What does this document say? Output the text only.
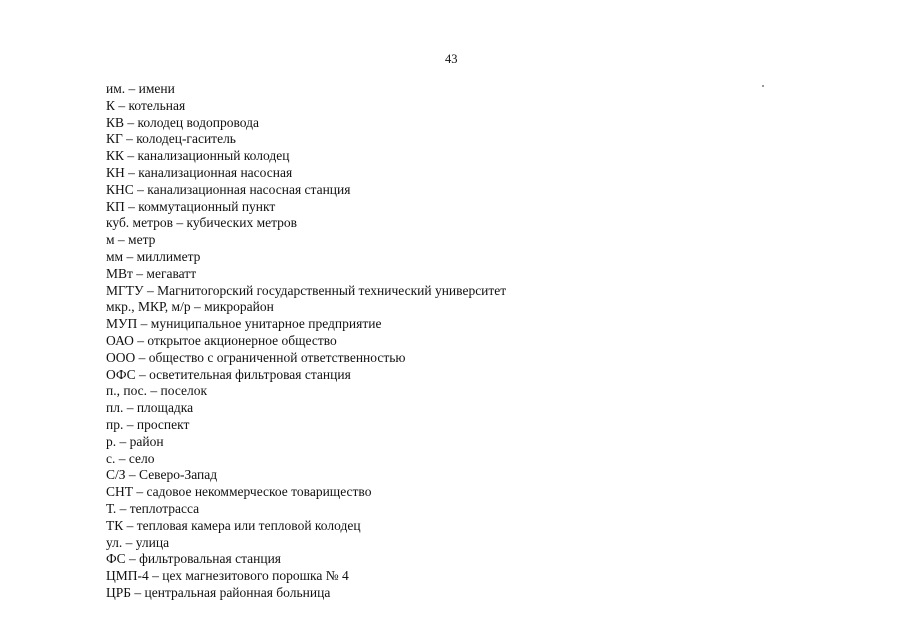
43
им. – имени
К – котельная
КВ – колодец водопровода
КГ – колодец-гаситель
КК – канализационный колодец
КН – канализационная насосная
КНС – канализационная насосная станция
КП – коммутационный пункт
куб. метров – кубических метров
м – метр
мм – миллиметр
МВт – мегаватт
МГТУ – Магнитогорский государственный технический университет
мкр., МКР, м/р – микрорайон
МУП – муниципальное унитарное предприятие
ОАО – открытое акционерное общество
ООО – общество с ограниченной ответственностью
ОФС – осветительная фильтровая станция
п., пос. – поселок
пл. – площадка
пр. – проспект
р. – район
с. – село
С/З – Северо-Запад
СНТ – садовое некоммерческое товарищество
Т. – теплотрасса
ТК – тепловая камера или тепловой колодец
ул. – улица
ФС – фильтровальная станция
ЦМП-4 – цех магнезитового порошка № 4
ЦРБ – центральная районная больница
